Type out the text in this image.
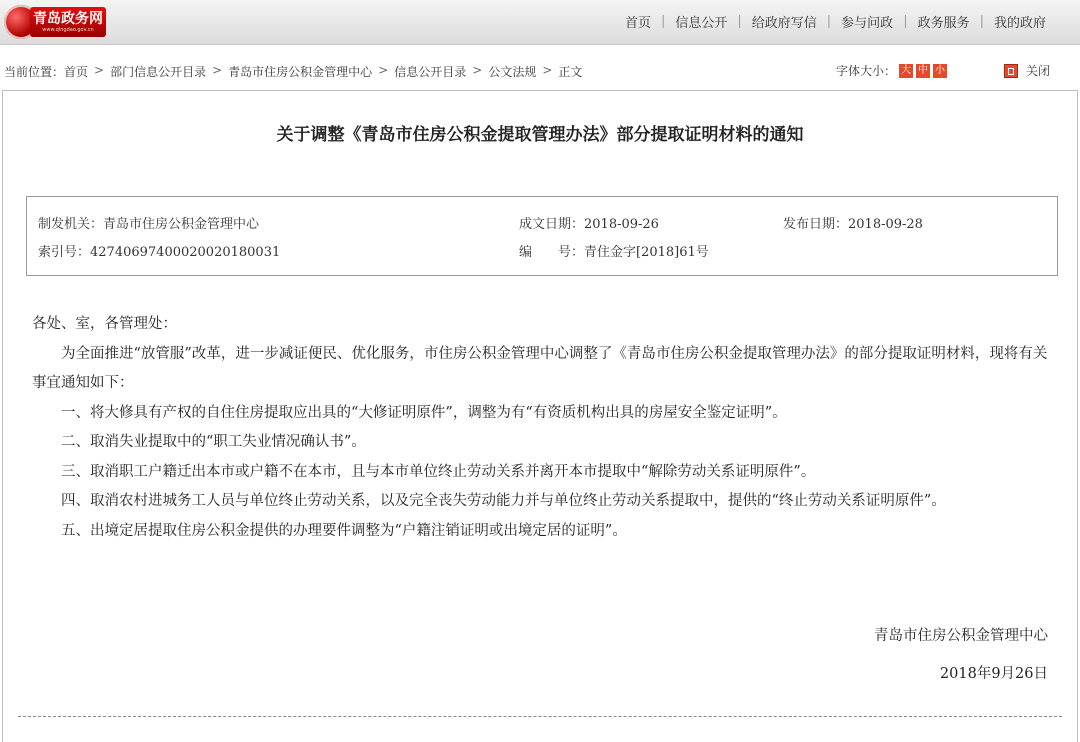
青岛政务网
www.qingdao.gov.cn	首页 | 信息公开 | 给政府写信 | 参与问政 | 政务服务 | 我的政府
当前位置： 首页 > 部门信息公开目录 > 青岛市住房公积金管理中心 > 信息公开目录 > 公文法规 > 正文	字体大小： 大 中 小	关闭
关于调整《青岛市住房公积金提取管理办法》部分提取证明材料的通知
制发机关：青岛市住房公积金管理中心	成文日期：2018-09-26	发布日期：2018-09-28
索引号：42740697400020020180031	编　　号：青住金字[2018]61号

各处、室，各管理处：

为全面推进“放管服”改革，进一步减证便民、优化服务，市住房公积金管理中心调整了《青岛市住房公积金提取管理办法》的部分提取证明材料，现将有关事宜通知如下：

一、将大修具有产权的自住住房提取应出具的“大修证明原件”，调整为有“有资质机构出具的房屋安全鉴定证明”。

二、取消失业提取中的“职工失业情况确认书”。

三、取消职工户籍迁出本市或户籍不在本市，且与本市单位终止劳动关系并离开本市提取中“解除劳动关系证明原件”。

四、取消农村进城务工人员与单位终止劳动关系，以及完全丧失劳动能力并与单位终止劳动关系提取中，提供的“终止劳动关系证明原件”。

五、出境定居提取住房公积金提供的办理要件调整为“户籍注销证明或出境定居的证明”。

青岛市住房公积金管理中心
2018年9月26日
